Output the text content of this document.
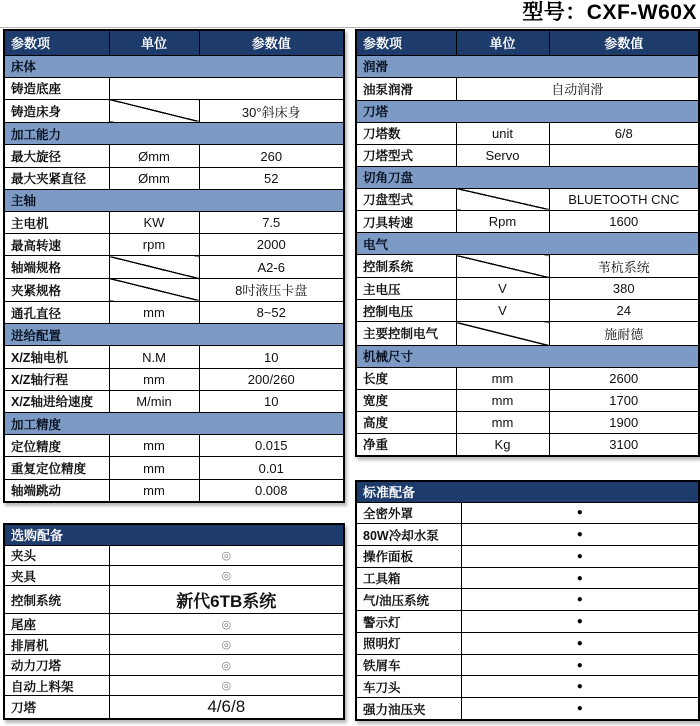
型号：CXF-W60X
参数项	单位	参数值
床体		
铸造底座		
铸造床身		30°斜床身
加工能力		
最大旋径	Ømm	260
最大夹紧直径	Ømm	52
主轴		
主电机	KW	7.5
最高转速	rpm	2000
轴端规格		A2-6
夹紧规格		8吋液压卡盘
通孔直径	mm	8~52
进给配置		
X/Z轴电机	N.M	10
X/Z轴行程	mm	200/260
X/Z轴进给速度	M/min	10
加工精度		
定位精度	mm	0.015
重复定位精度	mm	0.01
轴端跳动	mm	0.008
选购配备	
夹头	◎
夹具	◎
控制系统	新代6TB系统
尾座	◎
排屑机	◎
动力刀塔	◎
自动上料架	◎
刀塔	4/6/8
参数项	单位	参数值
润滑		
油泵润滑	自动润滑	
刀塔		
刀塔数	unit	6/8
刀塔型式	Servo	
切角刀盘		
刀盘型式		BLUETOOTH CNC
刀具转速	Rpm	1600
电气		
控制系统		苇杭系统
主电压	V	380
控制电压	V	24
主要控制电气		施耐德
机械尺寸		
长度	mm	2600
宽度	mm	1700
高度	mm	1900
净重	Kg	3100
标准配备	
全密外罩	●
80W冷却水泵	●
操作面板	●
工具箱	●
气/油压系统	●
警示灯	●
照明灯	●
铁屑车	●
车刀头	●
强力油压夹	●
